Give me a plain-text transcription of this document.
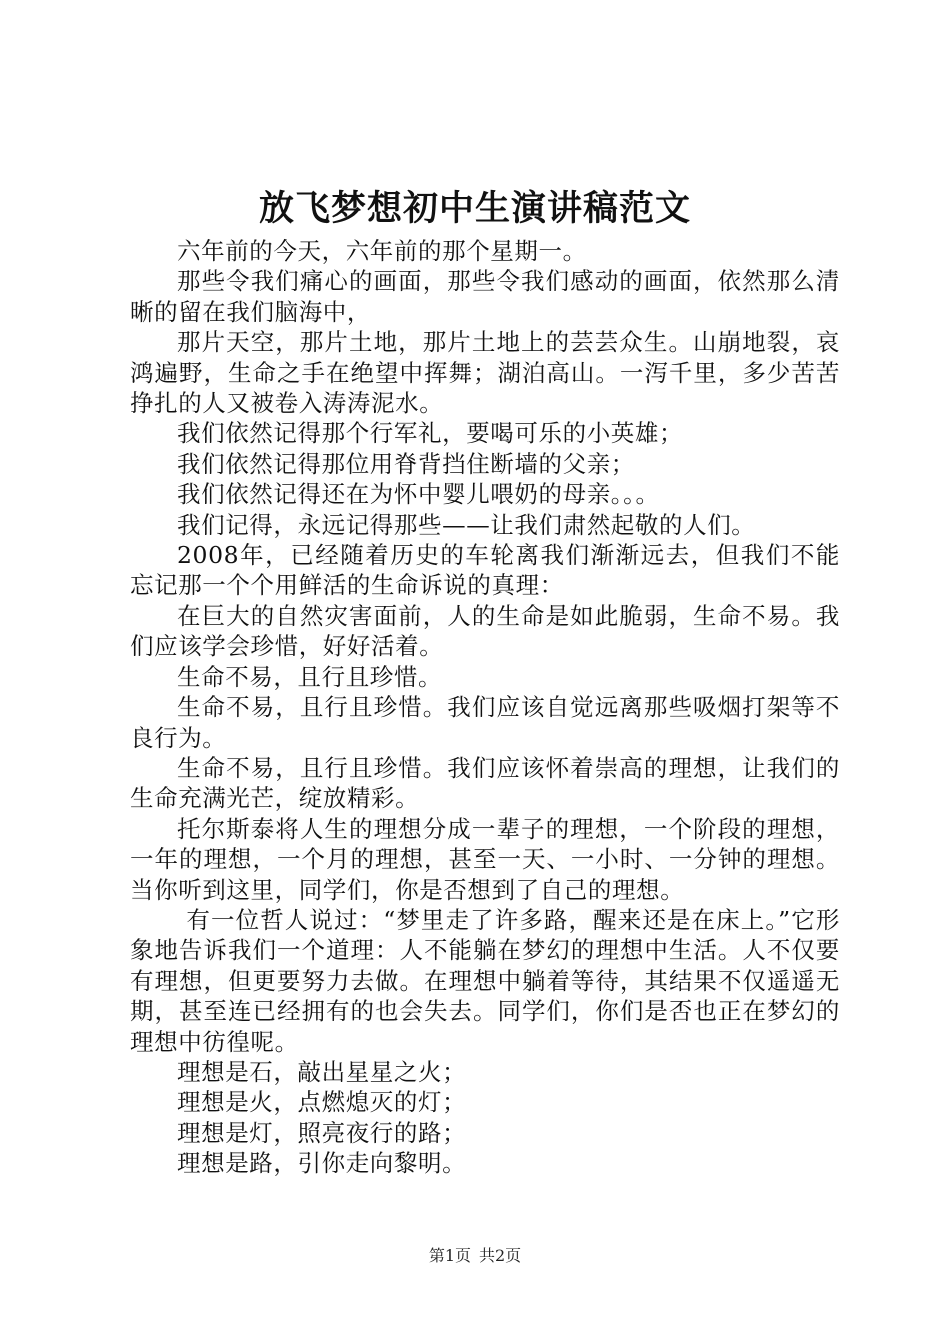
放飞梦想初中生演讲稿范文

六年前的今天，六年前的那个星期一。

那些令我们痛心的画面，那些令我们感动的画面，依然那么清晰的留在我们脑海中，

那片天空，那片土地，那片土地上的芸芸众生。山崩地裂，哀鸿遍野，生命之手在绝望中挥舞；湖泊高山。一泻千里，多少苦苦挣扎的人又被卷入涛涛泥水。

我们依然记得那个行军礼，要喝可乐的小英雄；

我们依然记得那位用脊背挡住断墙的父亲；

我们依然记得还在为怀中婴儿喂奶的母亲。。。

我们记得，永远记得那些——让我们肃然起敬的人们。

2008年，已经随着历史的车轮离我们渐渐远去，但我们不能忘记那一个个用鲜活的生命诉说的真理：

在巨大的自然灾害面前，人的生命是如此脆弱，生命不易。我们应该学会珍惜，好好活着。

生命不易，且行且珍惜。

生命不易，且行且珍惜。我们应该自觉远离那些吸烟打架等不良行为。

生命不易，且行且珍惜。我们应该怀着崇高的理想，让我们的生命充满光芒，绽放精彩。

托尔斯泰将人生的理想分成一辈子的理想，一个阶段的理想，一年的理想，一个月的理想，甚至一天、一小时、一分钟的理想。当你听到这里，同学们，你是否想到了自己的理想。

有一位哲人说过：“梦里走了许多路，醒来还是在床上。”它形象地告诉我们一个道理：人不能躺在梦幻的理想中生活。人不仅要有理想，但更要努力去做。在理想中躺着等待，其结果不仅遥遥无期，甚至连已经拥有的也会失去。同学们，你们是否也正在梦幻的理想中彷徨呢。

理想是石，敲出星星之火；

理想是火，点燃熄灭的灯；

理想是灯，照亮夜行的路；

理想是路，引你走向黎明。

第1页 共2页
